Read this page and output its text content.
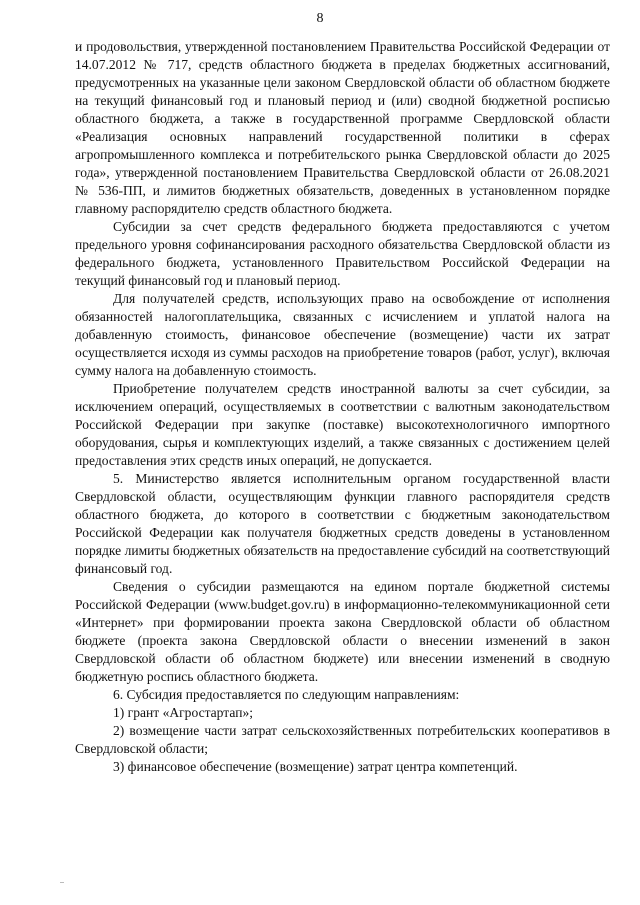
8

и продовольствия, утвержденной постановлением Правительства Российской Федерации от 14.07.2012 № 717, средств областного бюджета в пределах бюджетных ассигнований, предусмотренных на указанные цели законом Свердловской области об областном бюджете на текущий финансовый год и плановый период и (или) сводной бюджетной росписью областного бюджета, а также в государственной программе Свердловской области «Реализация основных направлений государственной политики в сферах агропромышленного комплекса и потребительского рынка Свердловской области до 2025 года», утвержденной постановлением Правительства Свердловской области от 26.08.2021 № 536-ПП, и лимитов бюджетных обязательств, доведенных в установленном порядке главному распорядителю средств областного бюджета.

Субсидии за счет средств федерального бюджета предоставляются с учетом предельного уровня софинансирования расходного обязательства Свердловской области из федерального бюджета, установленного Правительством Российской Федерации на текущий финансовый год и плановый период.

Для получателей средств, использующих право на освобождение от исполнения обязанностей налогоплательщика, связанных с исчислением и уплатой налога на добавленную стоимость, финансовое обеспечение (возмещение) части их затрат осуществляется исходя из суммы расходов на приобретение товаров (работ, услуг), включая сумму налога на добавленную стоимость.

Приобретение получателем средств иностранной валюты за счет субсидии, за исключением операций, осуществляемых в соответствии с валютным законодательством Российской Федерации при закупке (поставке) высокотехнологичного импортного оборудования, сырья и комплектующих изделий, а также связанных с достижением целей предоставления этих средств иных операций, не допускается.

5. Министерство является исполнительным органом государственной власти Свердловской области, осуществляющим функции главного распорядителя средств областного бюджета, до которого в соответствии с бюджетным законодательством Российской Федерации как получателя бюджетных средств доведены в установленном порядке лимиты бюджетных обязательств на предоставление субсидий на соответствующий финансовый год.

Сведения о субсидии размещаются на едином портале бюджетной системы Российской Федерации (www.budget.gov.ru) в информационно-телекоммуникационной сети «Интернет» при формировании проекта закона Свердловской области об областном бюджете (проекта закона Свердловской области о внесении изменений в закон Свердловской области об областном бюджете) или внесении изменений в сводную бюджетную роспись областного бюджета.

6. Субсидия предоставляется по следующим направлениям:

1) грант «Агростартап»;

2) возмещение части затрат сельскохозяйственных потребительских кооперативов в Свердловской области;

3) финансовое обеспечение (возмещение) затрат центра компетенций.
